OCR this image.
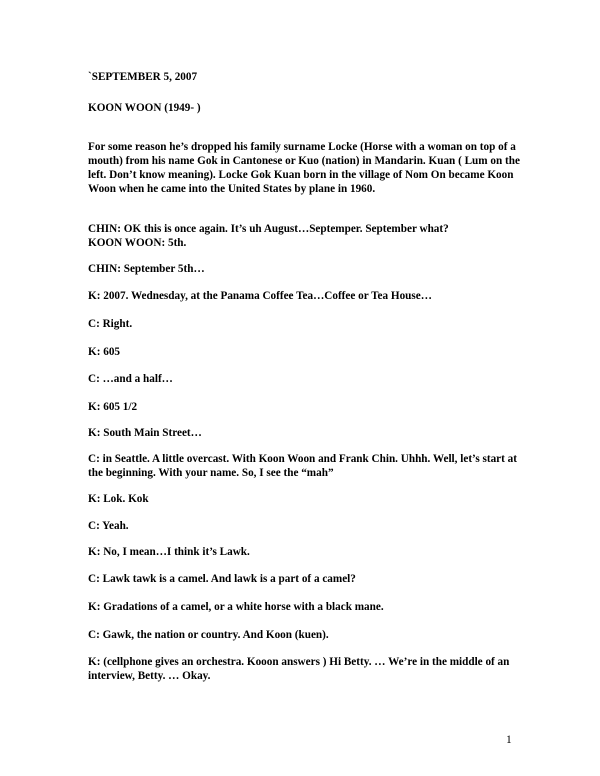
`SEPTEMBER 5, 2007

KOON WOON (1949- )

For some reason he’s dropped his family surname Locke (Horse with a woman on top of a mouth) from his name Gok in Cantonese or Kuo (nation) in Mandarin. Kuan ( Lum on the left. Don’t know meaning). Locke Gok Kuan born in the village of Nom On became Koon Woon when he came into the United States by plane in 1960.

CHIN: OK this is once again. It’s uh August…Septemper. September what?
KOON WOON: 5th.

CHIN: September 5th…

K: 2007. Wednesday, at the Panama Coffee Tea…Coffee or Tea House…

C: Right.

K: 605

C: …and a half…

K: 605 1/2

K: South Main Street…

C: in Seattle. A little overcast. With Koon Woon and Frank Chin. Uhhh. Well, let’s start at the beginning. With your name. So, I see the “mah”

K: Lok. Kok

C: Yeah.

K: No, I mean…I think it’s Lawk.

C: Lawk tawk is a camel. And lawk is a part of a camel?

K: Gradations of a camel, or a white horse with a black mane.

C: Gawk, the nation or country. And Koon (kuen).

K: (cellphone gives an orchestra. Kooon answers ) Hi Betty. … We’re in the middle of an interview, Betty. … Okay.

1
